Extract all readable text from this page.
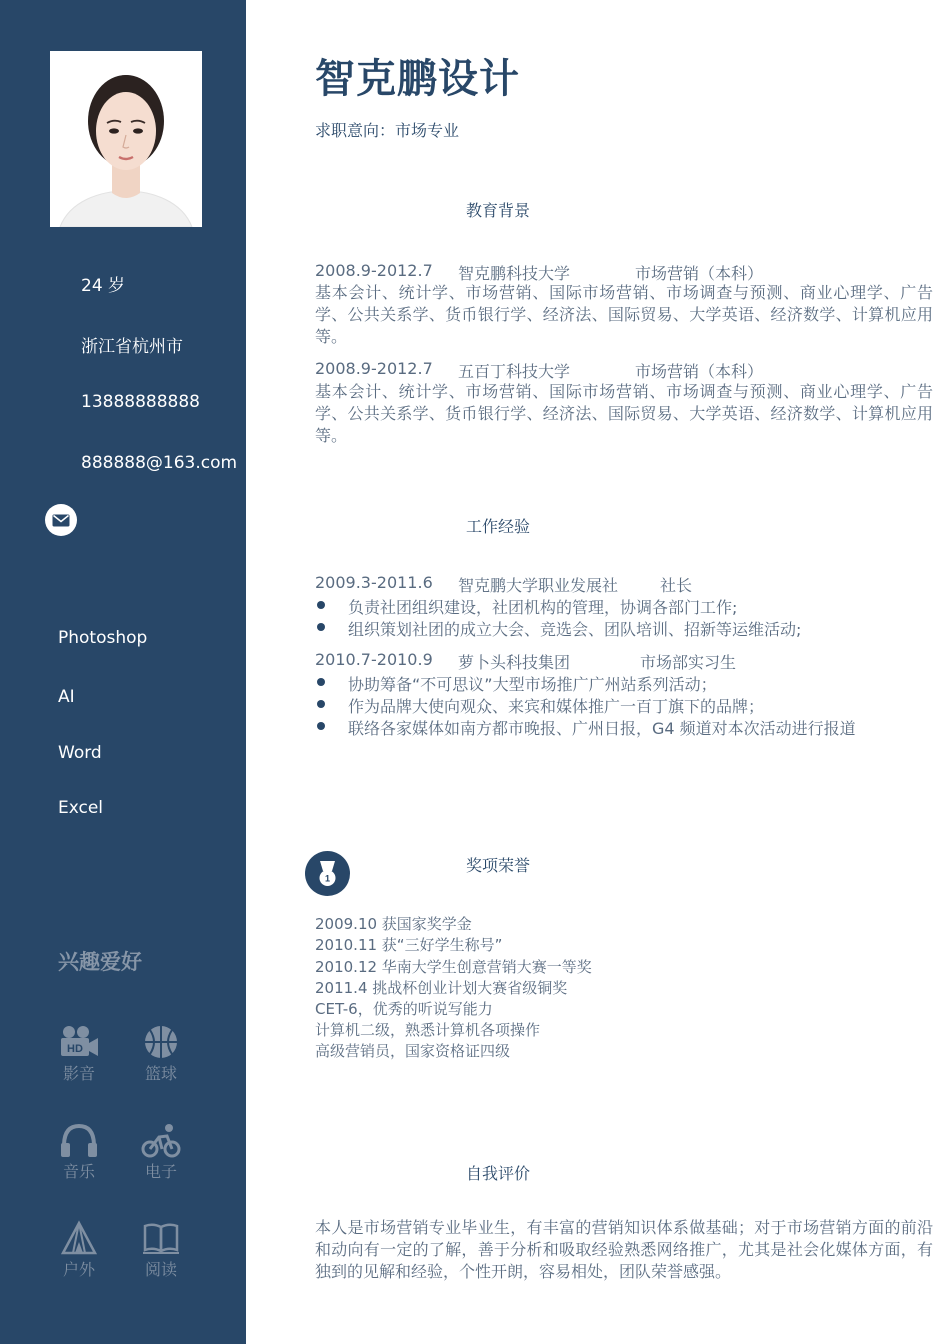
24 岁
浙江省杭州市
13888888888
888888@163.com
Photoshop
AI
Word
Excel
兴趣爱好
HD
影音	篮球
音乐	电子
户外	阅读
智克鹏设计
求职意向：市场专业
教育背景
2008.9-2012.7 智克鹏科技大学	市场营销（本科）
基本会计、统计学、市场营销、国际市场营销、市场调查与预测、商业心理学、广告学、公共关系学、货币银行学、经济法、国际贸易、大学英语、经济数学、计算机应用等。
2008.9-2012.7 五百丁科技大学	市场营销（本科）
基本会计、统计学、市场营销、国际市场营销、市场调查与预测、商业心理学、广告学、公共关系学、货币银行学、经济法、国际贸易、大学英语、经济数学、计算机应用等。
工作经验
2009.3-2011.6 智克鹏大学职业发展社	社长
负责社团组织建设，社团机构的管理，协调各部门工作;
组织策划社团的成立大会、竞选会、团队培训、招新等运维活动;
2010.7-2010.9 萝卜头科技集团	市场部实习生
协助筹备“不可思议”大型市场推广广州站系列活动；
作为品牌大使向观众、来宾和媒体推广一百丁旗下的品牌；
联络各家媒体如南方都市晚报、广州日报，G4 频道对本次活动进行报道
1
奖项荣誉
2009.10 获国家奖学金
2010.11 获“三好学生称号”
2010.12 华南大学生创意营销大赛一等奖
2011.4 挑战杯创业计划大赛省级铜奖
CET-6，优秀的听说写能力
计算机二级，熟悉计算机各项操作
高级营销员，国家资格证四级
自我评价
本人是市场营销专业毕业生，有丰富的营销知识体系做基础；对于市场营销方面的前沿和动向有一定的了解，善于分析和吸取经验熟悉网络推广，尤其是社会化媒体方面，有独到的见解和经验，个性开朗，容易相处，团队荣誉感强。
